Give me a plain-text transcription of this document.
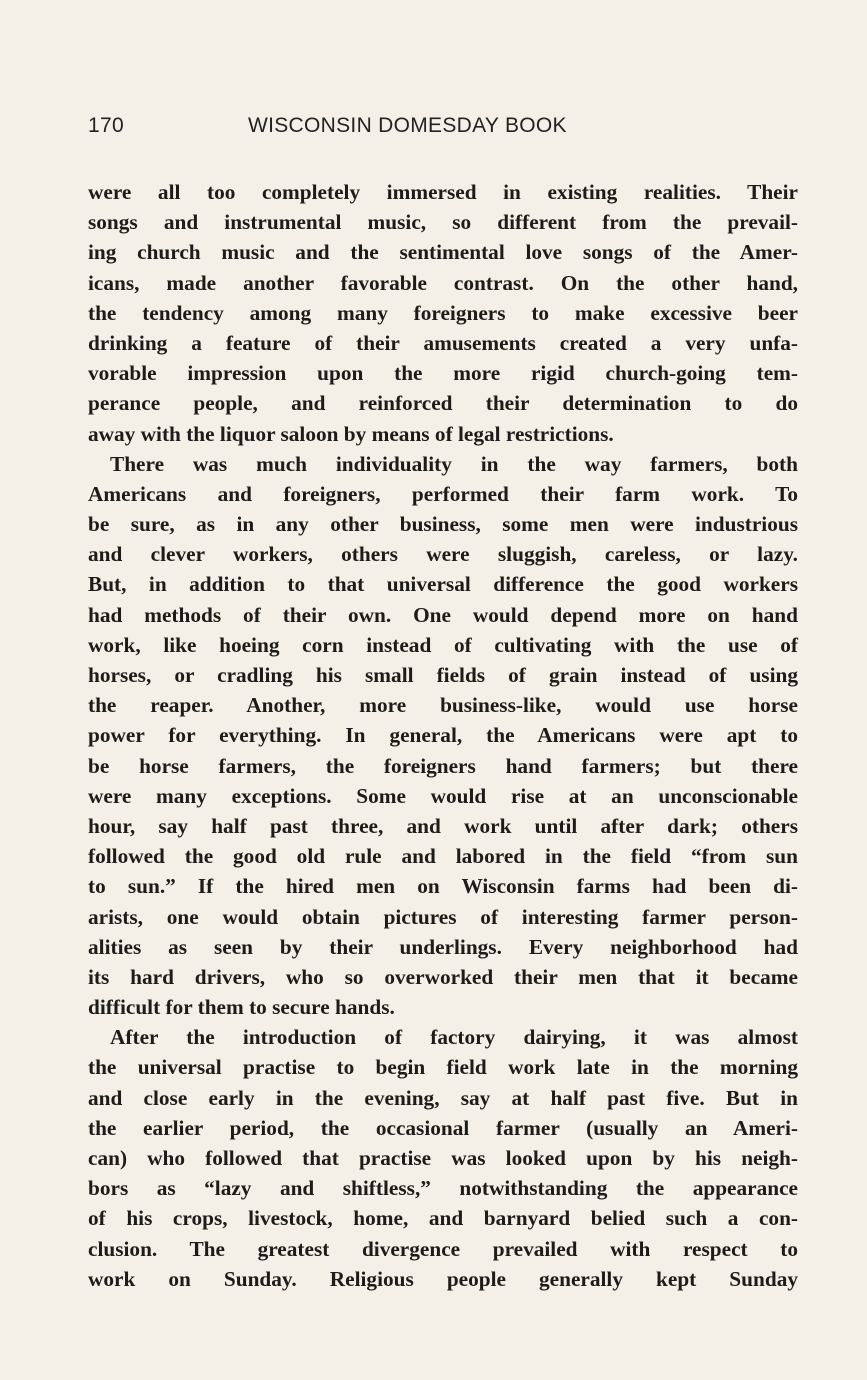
170	WISCONSIN DOMESDAY BOOK
were all too completely immersed in existing realities. Their
songs and instrumental music, so different from the prevail-
ing church music and the sentimental love songs of the Amer-
icans, made another favorable contrast. On the other hand,
the tendency among many foreigners to make excessive beer
drinking a feature of their amusements created a very unfa-
vorable impression upon the more rigid church-going tem-
perance people, and reinforced their determination to do
away with the liquor saloon by means of legal restrictions.
There was much individuality in the way farmers, both
Americans and foreigners, performed their farm work. To
be sure, as in any other business, some men were industrious
and clever workers, others were sluggish, careless, or lazy.
But, in addition to that universal difference the good workers
had methods of their own. One would depend more on hand
work, like hoeing corn instead of cultivating with the use of
horses, or cradling his small fields of grain instead of using
the reaper. Another, more business-like, would use horse
power for everything. In general, the Americans were apt to
be horse farmers, the foreigners hand farmers; but there
were many exceptions. Some would rise at an unconscionable
hour, say half past three, and work until after dark; others
followed the good old rule and labored in the field “from sun
to sun.” If the hired men on Wisconsin farms had been di-
arists, one would obtain pictures of interesting farmer person-
alities as seen by their underlings. Every neighborhood had
its hard drivers, who so overworked their men that it became
difficult for them to secure hands.
After the introduction of factory dairying, it was almost
the universal practise to begin field work late in the morning
and close early in the evening, say at half past five. But in
the earlier period, the occasional farmer (usually an Ameri-
can) who followed that practise was looked upon by his neigh-
bors as “lazy and shiftless,” notwithstanding the appearance
of his crops, livestock, home, and barnyard belied such a con-
clusion. The greatest divergence prevailed with respect to
work on Sunday. Religious people generally kept Sunday
